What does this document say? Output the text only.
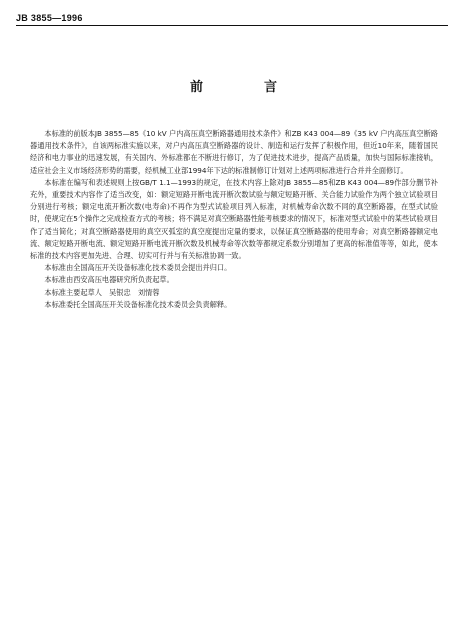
JB 3855—1996
前　言

本标准的前版本JB 3855—85《10 kV 户内高压真空断路器通用技术条件》和ZB K43 004—89《35 kV 户内高压真空断路器通用技术条件》，自该两标准实施以来，对户内高压真空断路器的设计、制造和运行发挥了积极作用，但近10年来，随着国民经济和电力事业的迅速发展，有关国内、外标准都在不断进行修订，为了促进技术进步，提高产品质量，加快与国际标准接轨，适应社会主义市场经济形势的需要，经机械工业部1994年下达的标准制修订计划对上述两项标准进行合并并全面修订。

本标准在编写和表述规则上按GB/T 1.1—1993的规定，在技术内容上除对JB 3855—85和ZB K43 004—89作部分删节补充外，重要技术内容作了适当改变，如：额定短路开断电流开断次数试验与额定短路开断、关合能力试验作为两个独立试验项目分别进行考核；额定电流开断次数(电寿命)不再作为型式试验项目列入标准，对机械寿命次数不同的真空断路器，在型式试验时，使规定在5个操作之完成检查方式的考核；将不满足对真空断路器性能考核要求的情况下，标准对型式试验中的某些试验项目作了适当简化；对真空断路器使用的真空灭弧室的真空度提出定量的要求，以保证真空断路器的使用寿命；对真空断路器额定电流、额定短路开断电流、额定短路开断电流开断次数及机械寿命等次数等都规定系数分别增加了更高的标准值等等，如此，使本标准的技术内容更加先进、合理、切实可行并与有关标准协调一致。

本标准由全国高压开关设备标准化技术委员会提出并归口。

本标准由西安高压电器研究所负责起草。

本标准主要起草人　吴银忠　刘情蓉

本标准委托全国高压开关设备标准化技术委员会负责解释。
